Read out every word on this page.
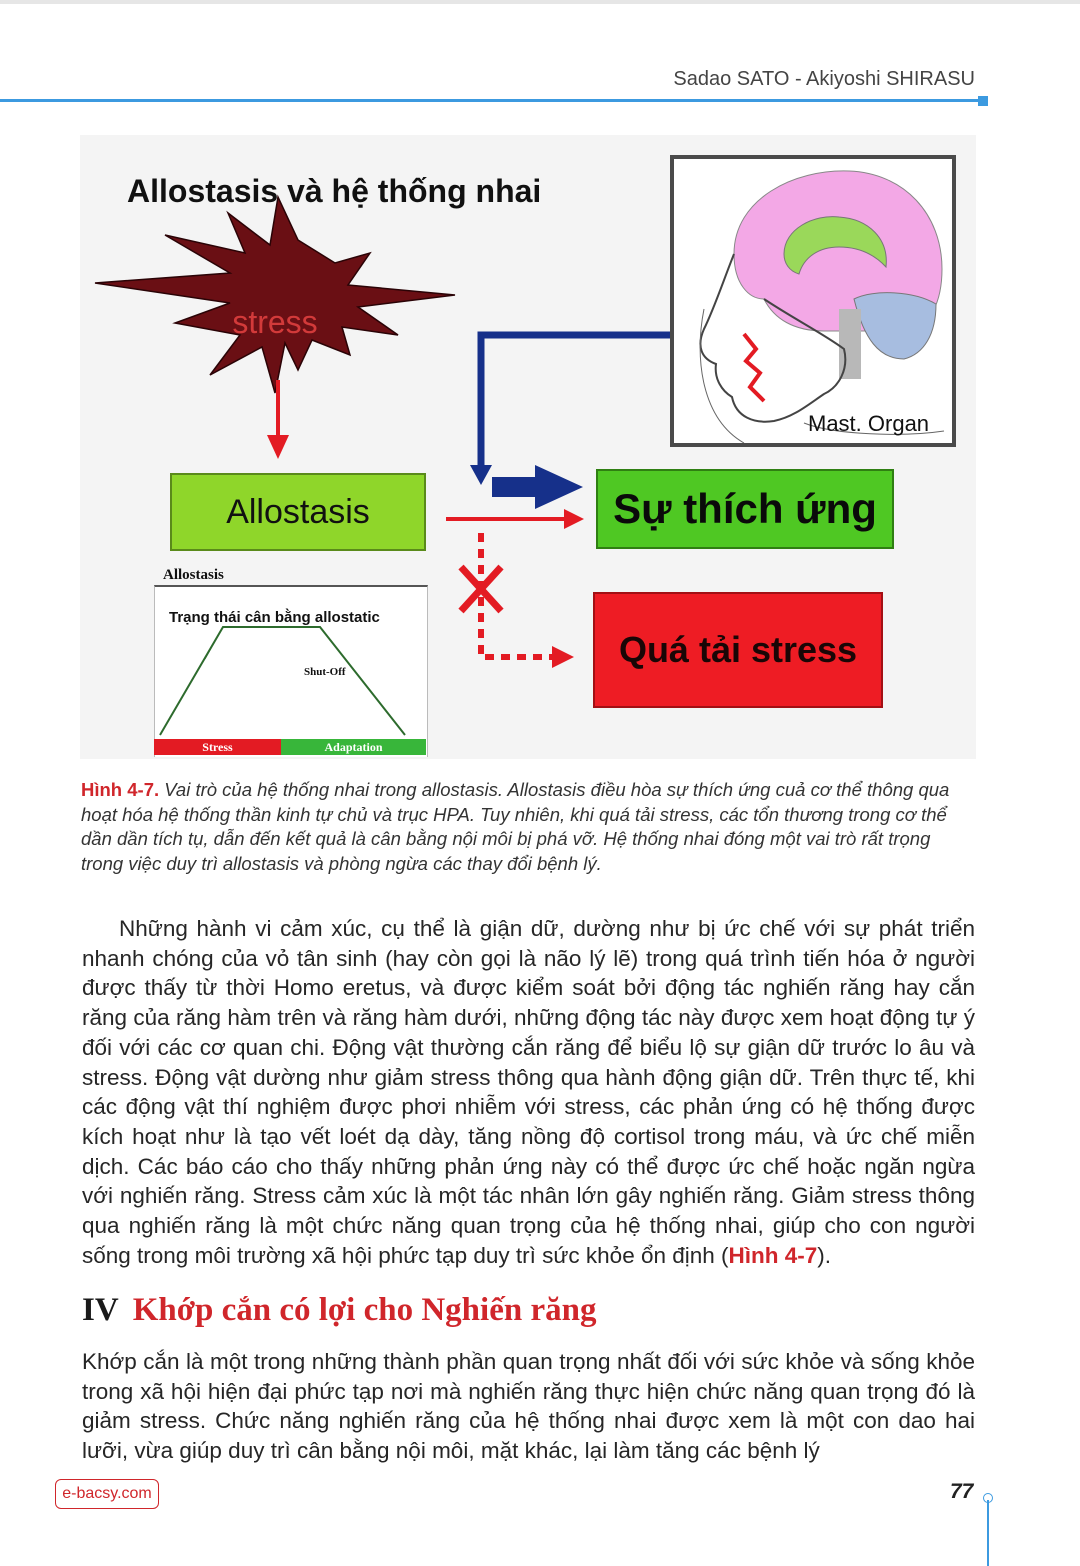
Sadao SATO - Akiyoshi SHIRASU
stress
Allostasis và hệ thống nhai
Allostasis	Sự thích ứng
Quá tải stress
Mast. Organ
Allostasis
Trạng thái cân bằng allostatic
Shut-Off
Stress	Adaptation
Hình 4-7. Vai trò của hệ thống nhai trong allostasis. Allostasis điều hòa sự thích ứng cuả cơ thể thông qua hoạt hóa hệ thống thần kinh tự chủ và trục HPA. Tuy nhiên, khi quá tải stress, các tổn thương trong cơ thể dần dần tích tụ, dẫn đến kết quả là cân bằng nội môi bị phá vỡ. Hệ thống nhai đóng một vai trò rất trọng trong việc duy trì allostasis và phòng ngừa các thay đổi bệnh lý.
Những hành vi cảm xúc, cụ thể là giận dữ, dường như bị ức chế với sự phát triển nhanh chóng của vỏ tân sinh (hay còn gọi là não lý lẽ) trong quá trình tiến hóa ở người được thấy từ thời Homo eretus, và được kiểm soát bởi động tác nghiến răng hay cắn răng của răng hàm trên và răng hàm dưới, những động tác này được xem hoạt động tự ý đối với các cơ quan chi. Động vật thường cắn răng để biểu lộ sự giận dữ trước lo âu và stress. Động vật dường như giảm stress thông qua hành động giận dữ. Trên thực tế, khi các động vật thí nghiệm được phơi nhiễm với stress, các phản ứng có hệ thống được kích hoạt như là tạo vết loét dạ dày, tăng nồng độ cortisol trong máu, và ức chế miễn dịch. Các báo cáo cho thấy những phản ứng này có thể được ức chế hoặc ngăn ngừa với nghiến răng. Stress cảm xúc là một tác nhân lớn gây nghiến răng. Giảm stress thông qua nghiến răng là một chức năng quan trọng của hệ thống nhai, giúp cho con người sống trong môi trường xã hội phức tạp duy trì sức khỏe ổn định (Hình 4-7).
IV Khớp cắn có lợi cho Nghiến răng
Khớp cắn là một trong những thành phần quan trọng nhất đối với sức khỏe và sống khỏe trong xã hội hiện đại phức tạp nơi mà nghiến răng thực hiện chức năng quan trọng đó là giảm stress. Chức năng nghiến răng của hệ thống nhai được xem là một con dao hai lưỡi, vừa giúp duy trì cân bằng nội môi, mặt khác, lại làm tăng các bệnh lý
e-bacsy.com	77
